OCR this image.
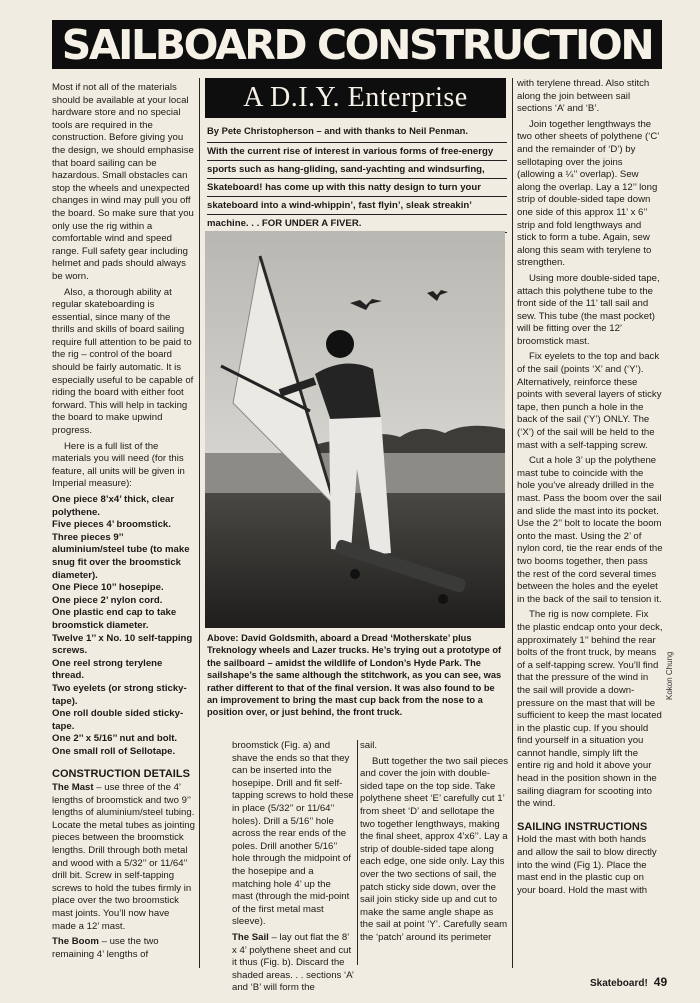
SAILBOARD CONSTRUCTION

Most if not all of the materials should be available at your local hardware store and no special tools are required in the construction. Before giving you the design, we should emphasise that board sailing can be hazardous. Small obstacles can stop the wheels and unexpected changes in wind may pull you off the board. So make sure that you only use the rig within a comfortable wind and speed range. Full safety gear including helmet and pads should always be worn.

Also, a thorough ability at regular skateboarding is essential, since many of the thrills and skills of board sailing require full attention to be paid to the rig – control of the board should be fairly automatic. It is especially useful to be capable of riding the board with either foot forward. This will help in tacking the board to make upwind progress.

Here is a full list of the materials you will need (for this feature, all units will be given in Imperial measure):

One piece 8’x4’ thick, clear polythene.
Five pieces 4’ broomstick.
Three pieces 9’’ aluminium/steel tube (to make snug fit over the broomstick diameter).
One Piece 10’’ hosepipe.
One piece 2’ nylon cord.
One plastic end cap to take broomstick diameter.
Twelve 1’’ x No. 10 self-tapping screws.
One reel strong terylene thread.
Two eyelets (or strong sticky-tape).
One roll double sided sticky-tape.
One 2’’ x 5/16’’ nut and bolt.
One small roll of Sellotape.
CONSTRUCTION DETAILS

The Mast – use three of the 4’ lengths of broomstick and two 9’’ lengths of aluminium/steel tubing. Locate the metal tubes as jointing pieces between the broomstick lengths. Drill through both metal and wood with a 5/32’’ or 11/64’’ drill bit. Screw in self-tapping screws to hold the tubes firmly in place over the two broomstick mast joints. You’ll now have made a 12’ mast.

The Boom – use the two remaining 4’ lengths of

A D.I.Y. Enterprise
By Pete Christopherson – and with thanks to Neil Penman.
With the current rise of interest in various forms of free-energy
sports such as hang-gliding, sand-yachting and windsurfing,
Skateboard! has come up with this natty design to turn your
skateboard into a wind-whippin’, fast flyin’, sleak streakin’
machine. . . FOR UNDER A FIVER.
Above: David Goldsmith, aboard a Dread ‘Motherskate’ plus Treknology wheels and Lazer trucks. He’s trying out a prototype of the sailboard – amidst the wildlife of London’s Hyde Park. The sailshape’s the same although the stitchwork, as you can see, was rather different to that of the final version. It was also found to be an improvement to bring the mast cup back from the nose to a position over, or just behind, the front truck.
Kokon Chung

broomstick (Fig. a) and shave the ends so that they can be inserted into the hosepipe. Drill and fit self-tapping screws to hold these in place (5/32’’ or 11/64’’ holes). Drill a 5/16’’ hole across the rear ends of the poles. Drill another 5/16’’ hole through the midpoint of the hosepipe and a matching hole 4’ up the mast (through the mid-point of the first metal mast sleeve).

The Sail – lay out flat the 8’ x 4’ polythene sheet and cut it thus (Fig. b). Discard the shaded areas. . . sections ‘A’ and ‘B’ will form the

sail.

Butt together the two sail pieces and cover the join with double-sided tape on the top side. Take polythene sheet ‘E’ carefully cut 1’ from sheet ‘D’ and sellotape the two together lengthways, making the final sheet, approx 4’x6’’. Lay a strip of double-sided tape along each edge, one side only. Lay this over the two sections of sail, the patch sticky side down, over the sail join sticky side up and cut to make the same angle shape as the sail at point ‘Y’. Carefully seam the ‘patch’ around its perimeter

with terylene thread. Also stitch along the join between sail sections ‘A’ and ‘B’.

Join together lengthways the two other sheets of polythene (‘C’ and the remainder of ‘D’) by sellotaping over the joins (allowing a ¼’’ overlap). Sew along the overlap. Lay a 12’’ long strip of double-sided tape down one side of this approx 11’ x 6’’ strip and fold lengthways and stick to form a tube. Again, sew along this seam with terylene to strengthen.

Using more double-sided tape, attach this polythene tube to the front side of the 11’ tall sail and sew. This tube (the mast pocket) will be fitting over the 12’ broomstick mast.

Fix eyelets to the top and back of the sail (points ‘X’ and (‘Y’). Alternatively, reinforce these points with several layers of sticky tape, then punch a hole in the back of the sail (‘Y’) ONLY. The (‘X’) of the sail will be held to the mast with a self-tapping screw.

Cut a hole 3’ up the polythene mast tube to coincide with the hole you’ve already drilled in the mast. Pass the boom over the sail and slide the mast into its pocket. Use the 2’’ bolt to locate the boom onto the mast. Using the 2’ of nylon cord, tie the rear ends of the two booms together, then pass the rest of the cord several times between the holes and the eyelet in the back of the sail to tension it.

The rig is now complete. Fix the plastic endcap onto your deck, approximately 1’’ behind the rear bolts of the front truck, by means of a self-tapping screw. You’ll find that the pressure of the wind in the sail will provide a down-pressure on the mast that will be sufficient to keep the mast located in the plastic cup. If you should find yourself in a situation you cannot handle, simply lift the entire rig and hold it above your head in the position shown in the sailing diagram for scooting into the wind.

SAILING INSTRUCTIONS

Hold the mast with both hands and allow the sail to blow directly into the wind (Fig 1). Place the mast end in the plastic cup on your board. Hold the mast with

Skateboard! 49
